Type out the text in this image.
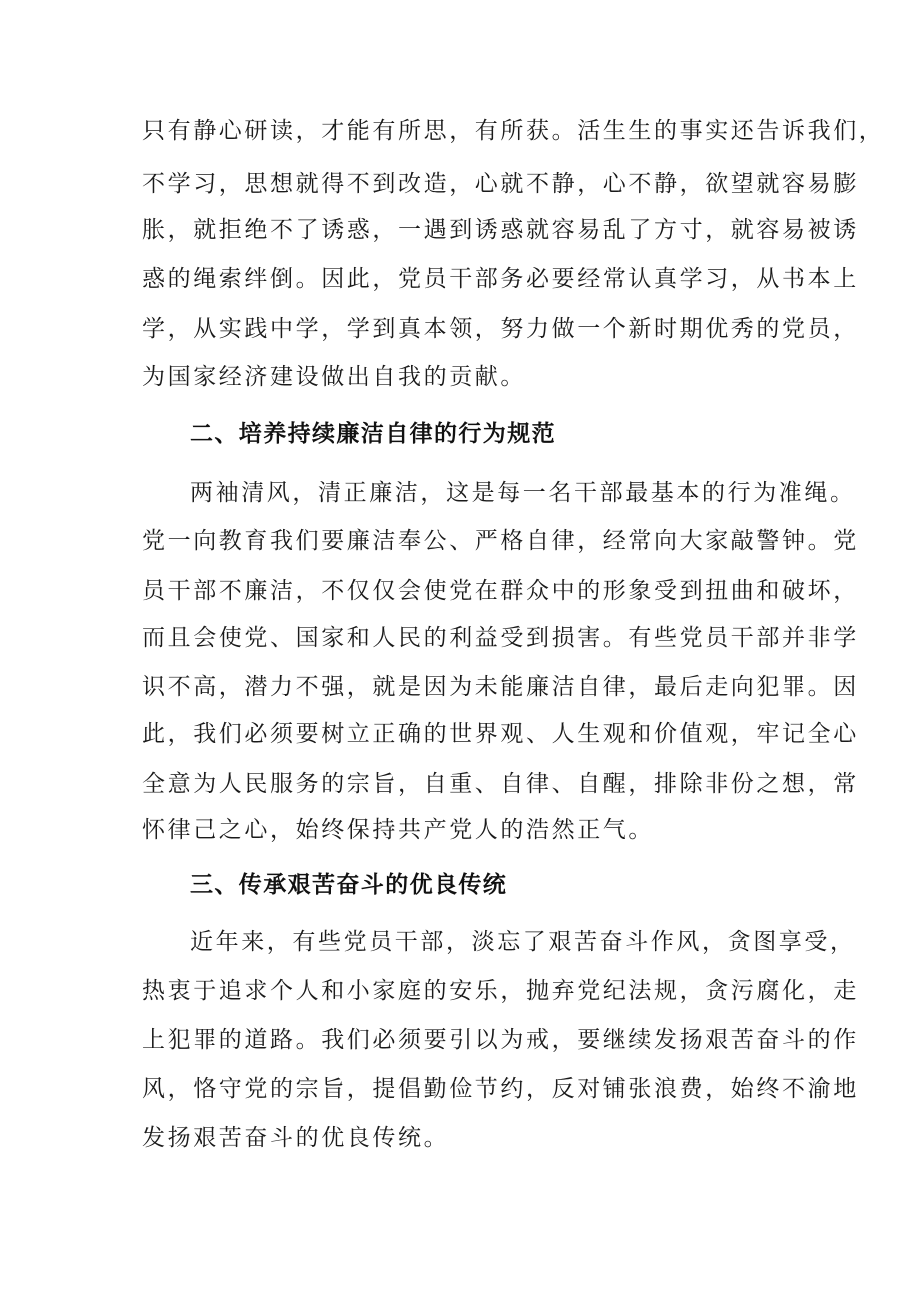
只有静心研读，才能有所思，有所获。活生生的事实还告诉我们，

不学习，思想就得不到改造，心就不静，心不静，欲望就容易膨

胀，就拒绝不了诱惑，一遇到诱惑就容易乱了方寸，就容易被诱

惑的绳索绊倒。因此，党员干部务必要经常认真学习，从书本上

学，从实践中学，学到真本领，努力做一个新时期优秀的党员，

为国家经济建设做出自我的贡献。

二、培养持续廉洁自律的行为规范

两袖清风，清正廉洁，这是每一名干部最基本的行为准绳。

党一向教育我们要廉洁奉公、严格自律，经常向大家敲警钟。党

员干部不廉洁，不仅仅会使党在群众中的形象受到扭曲和破坏，

而且会使党、国家和人民的利益受到损害。有些党员干部并非学

识不高，潜力不强，就是因为未能廉洁自律，最后走向犯罪。因

此，我们必须要树立正确的世界观、人生观和价值观，牢记全心

全意为人民服务的宗旨，自重、自律、自醒，排除非份之想，常

怀律己之心，始终保持共产党人的浩然正气。

三、传承艰苦奋斗的优良传统

近年来，有些党员干部，淡忘了艰苦奋斗作风，贪图享受，

热衷于追求个人和小家庭的安乐，抛弃党纪法规，贪污腐化，走

上犯罪的道路。我们必须要引以为戒，要继续发扬艰苦奋斗的作

风，恪守党的宗旨，提倡勤俭节约，反对铺张浪费，始终不渝地

发扬艰苦奋斗的优良传统。
